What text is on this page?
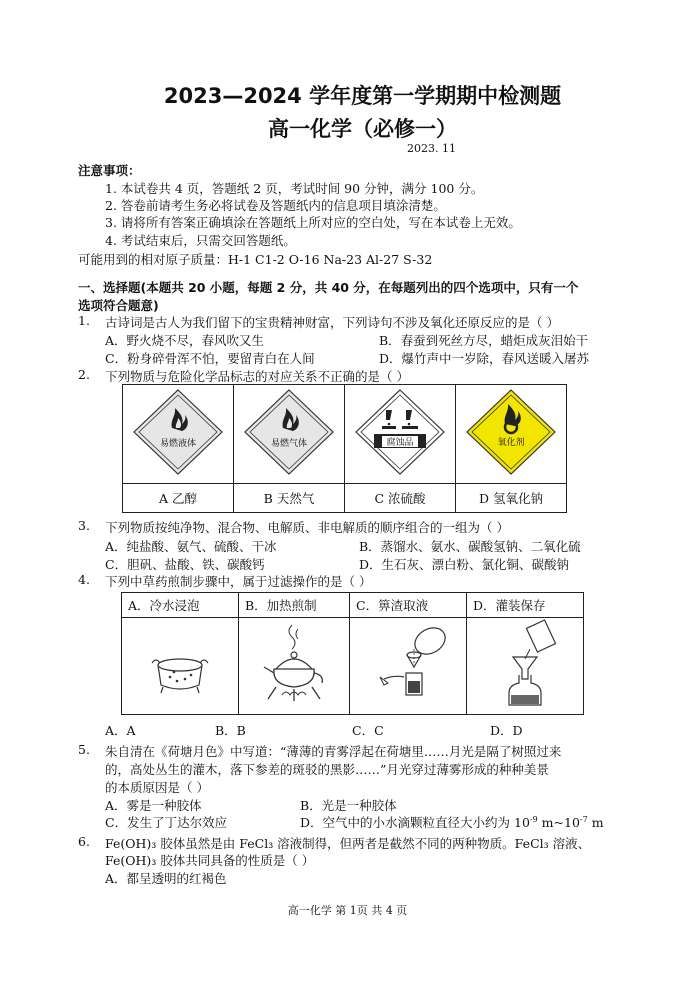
2023—2024 学年度第一学期期中检测题
高一化学（必修一）
2023. 11
注意事项：
1. 本试卷共 4 页，答题纸 2 页，考试时间 90 分钟，满分 100 分。
2. 答卷前请考生务必将试卷及答题纸内的信息项目填涂清楚。
3. 请将所有答案正确填涂在答题纸上所对应的空白处，写在本试卷上无效。
4. 考试结束后，只需交回答题纸。
可能用到的相对原子质量：H-1 C1-2 O-16 Na-23 Al-27 S-32
一、选择题(本题共 20 小题，每题 2 分，共 40 分，在每题列出的四个选项中，只有一个
选项符合题意)
1. 古诗词是古人为我们留下的宝贵精神财富，下列诗句不涉及氧化还原反应的是（ ）
A．野火烧不尽，春风吹又生	B．春蚕到死丝方尽，蜡炬成灰泪始干
C．粉身碎骨浑不怕，要留青白在人间	D．爆竹声中一岁除，春风送暖入屠苏
2. 下列物质与危险化学品标志的对应关系不正确的是（ ）
易燃液体	易燃气体	腐蚀品	氧化剂

A 乙醇	B 天然气	C 浓硫酸	D 氢氧化钠
3. 下列物质按纯净物、混合物、电解质、非电解质的顺序组合的一组为（ ）
A．纯盐酸、氨气、硫酸、干冰	B．蒸馏水、氨水、碳酸氢钠、二氧化硫
C．胆矾、盐酸、铁、碳酸钙	D．生石灰、漂白粉、氯化铜、碳酸钠
4. 下列中草药煎制步骤中，属于过滤操作的是（ ）
A．冷水浸泡	B．加热煎制	C．箅渣取液	D．灌装保存

A．A	B．B	C．C	D．D
5. 朱自清在《荷塘月色》中写道：“薄薄的青雾浮起在荷塘里……月光是隔了树照过来
的，高处丛生的灌木，落下参差的斑驳的黑影……”月光穿过薄雾形成的种种美景
的本质原因是（ ）
A．雾是一种胶体	B．光是一种胶体
C．发生了丁达尔效应	D．空气中的小水滴颗粒直径大小约为 $10^{-9}$ $m\sim 10^{-7}$ m
6. Fe(OH)₃ 胶体虽然是由 FeCl₃ 溶液制得，但两者是截然不同的两种物质。FeCl₃ 溶液、
Fe(OH)₃ 胶体共同具备的性质是（ ）
A．都呈透明的红褐色
高一化学 第 1页 共 4 页
